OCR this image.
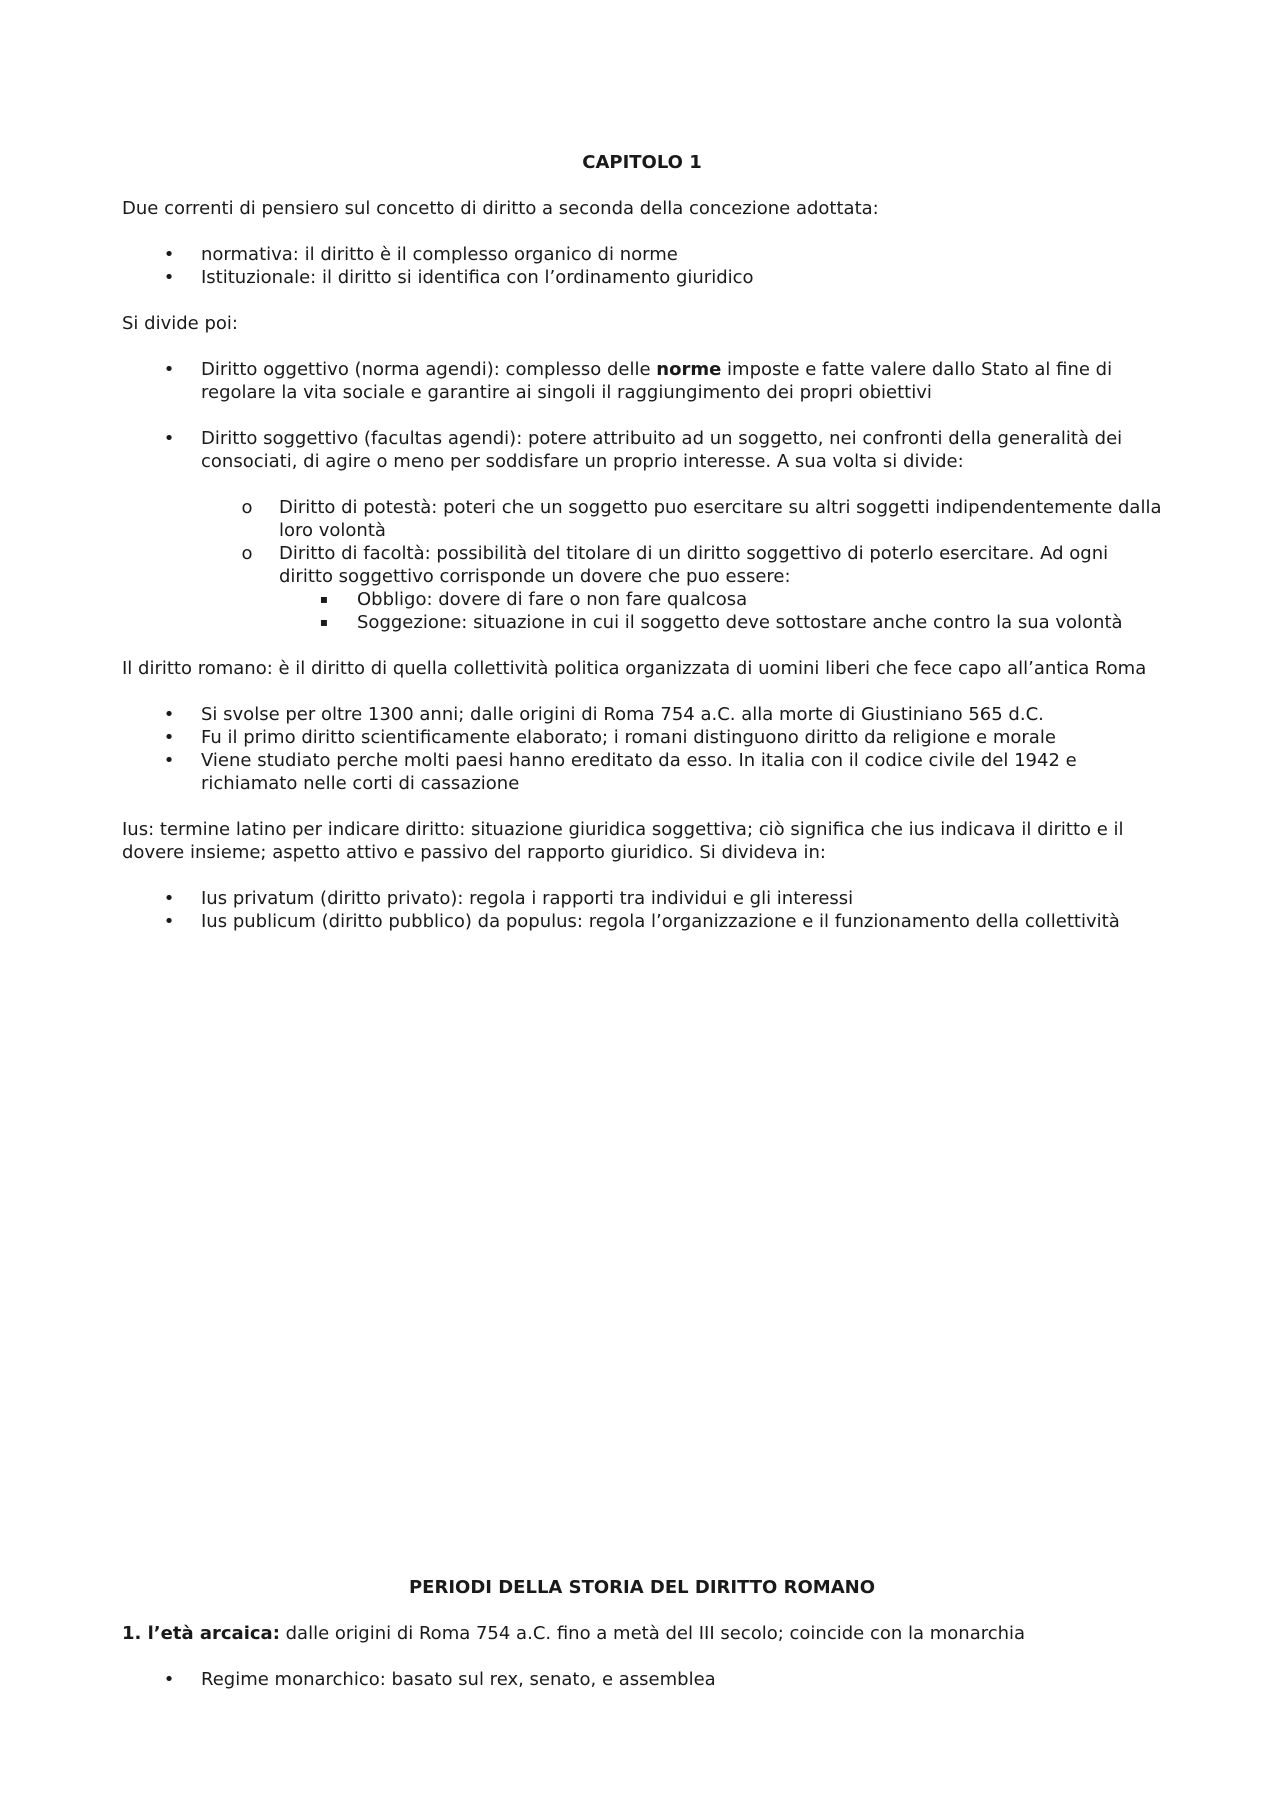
CAPITOLO 1

Due correnti di pensiero sul concetto di diritto a seconda della concezione adottata:

• normativa: il diritto è il complesso organico di norme
• Istituzionale: il diritto si identifica con l’ordinamento giuridico

Si divide poi:

• Diritto oggettivo (norma agendi): complesso delle norme imposte e fatte valere dallo Stato al fine di regolare la vita sociale e garantire ai singoli il raggiungimento dei propri obiettivi
• Diritto soggettivo (facultas agendi): potere attribuito ad un soggetto, nei confronti della generalità dei consociati, di agire o meno per soddisfare un proprio interesse. A sua volta si divide:
o Diritto di potestà: poteri che un soggetto puo esercitare su altri soggetti indipendentemente dalla loro volontà
o Diritto di facoltà: possibilità del titolare di un diritto soggettivo di poterlo esercitare. Ad ogni diritto soggettivo corrisponde un dovere che puo essere:
▪ Obbligo: dovere di fare o non fare qualcosa
▪ Soggezione: situazione in cui il soggetto deve sottostare anche contro la sua volontà

Il diritto romano: è il diritto di quella collettività politica organizzata di uomini liberi che fece capo all’antica Roma

• Si svolse per oltre 1300 anni; dalle origini di Roma 754 a.C. alla morte di Giustiniano 565 d.C.
• Fu il primo diritto scientificamente elaborato; i romani distinguono diritto da religione e morale
• Viene studiato perche molti paesi hanno ereditato da esso. In italia con il codice civile del 1942 e richiamato nelle corti di cassazione

Ius: termine latino per indicare diritto: situazione giuridica soggettiva; ciò significa che ius indicava il diritto e il dovere insieme; aspetto attivo e passivo del rapporto giuridico. Si divideva in:

• Ius privatum (diritto privato): regola i rapporti tra individui e gli interessi
• Ius publicum (diritto pubblico) da populus: regola l’organizzazione e il funzionamento della collettività

PERIODI DELLA STORIA DEL DIRITTO ROMANO

1. l’età arcaica: dalle origini di Roma 754 a.C. fino a metà del III secolo; coincide con la monarchia

• Regime monarchico: basato sul rex, senato, e assemblea
